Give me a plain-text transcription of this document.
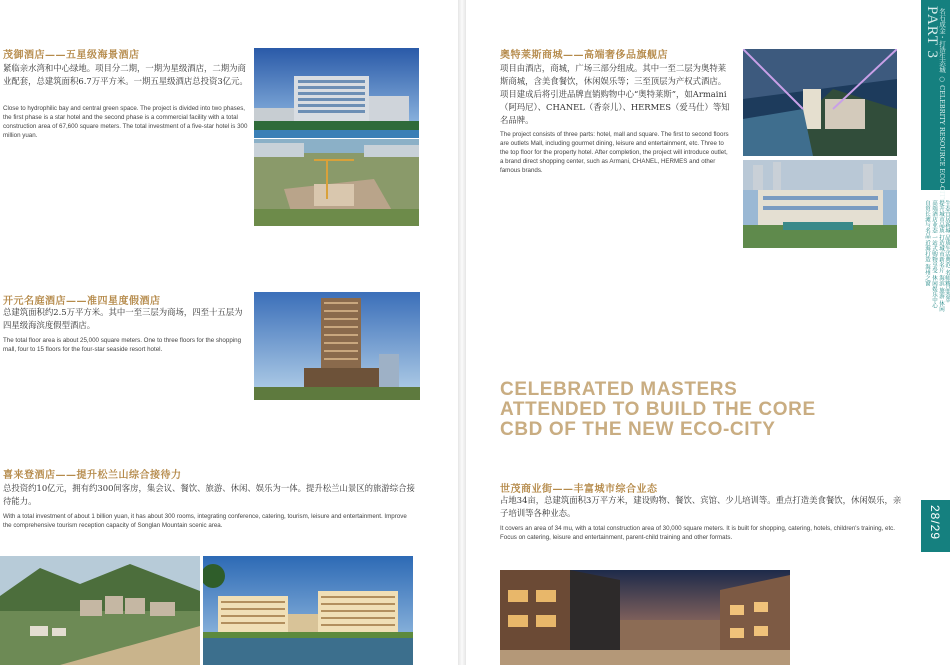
茂御酒店——五星级海景酒店
紧临亲水湾和中心绿地。项目分二期，一期为星级酒店，二期为商业配套，总建筑面积6.7万平方米。一期五星级酒店总投资3亿元。
Close to hydrophilic bay and central green space. The project is divided into two phases, the first phase is a star hotel and the second phase is a commercial facility with a total construction area of 67,600 square meters. The total investment of a five-star hotel is 300 million yuan.
开元名庭酒店——准四星度假酒店
总建筑面积约2.5万平方米。其中一至三层为商场，四至十五层为四星级海滨度假型酒店。
The total floor area is about 25,000 square meters. One to three floors for the shopping mall, four to 15 floors for the four-star seaside resort hotel.
喜来登酒店——提升松兰山综合接待力
总投资约10亿元，拥有约300间客房，集会议、餐饮、旅游、休闲、娱乐为一体。提升松兰山景区的旅游综合接待能力。
With a total investment of about 1 billion yuan, it has about 300 rooms, integrating conference, catering, tourism, leisure and entertainment. Improve the comprehensive tourism reception capacity of Songlan Mountain scenic area.
奥特莱斯商城——高端奢侈品旗舰店
项目由酒店，商城，广场三部分组成。其中一至二层为奥特莱斯商城，含美食餐饮，休闲娱乐等；三至顶层为产权式酒店。项目建成后将引进品牌直销购物中心“奥特莱斯”，如Armaini（阿玛尼）、CHANEL（香奈儿）、HERMES（爱马仕）等知名品牌。
The project consists of three parts: hotel, mall and square. The first to second floors are outlets Mall, including gourmet dining, leisure and entertainment, etc. Three to the top floor for the property hotel. After completion, the project will introduce outlet, a brand direct shopping center, such as Armani, CHANEL, HERMES and other famous brands.
CELEBRATED MASTERS
ATTENDED TO BUILD THE CORE
CBD OF THE NEW ECO-CITY
世茂商业街——丰富城市综合业态
占地34亩，总建筑面积3万平方米，建设购物、餐饮、宾馆、少儿培训等。重点打造美食餐饮，休闲娱乐，亲子培训等各种业态。
It covers an area of 34 mu, with a total construction area of 30,000 square meters. It is built for shopping, catering, hotels, children's training, etc. Focus on catering, leisure and entertainment, parent-child training and other formats.
PART 3
名石成金・打造生态城 ○ CELEBRITY RESOURCE ECO-CITY
自贸长滩与名品 近海打造 海州之窗 高端酒店业态 一站式购物享受 休闲娱乐中心 提升城市品质 打造城市新名片 海滨 旅游 休闲 生态宜居新城 品质生活典范 名师精品荟萃
28/29
